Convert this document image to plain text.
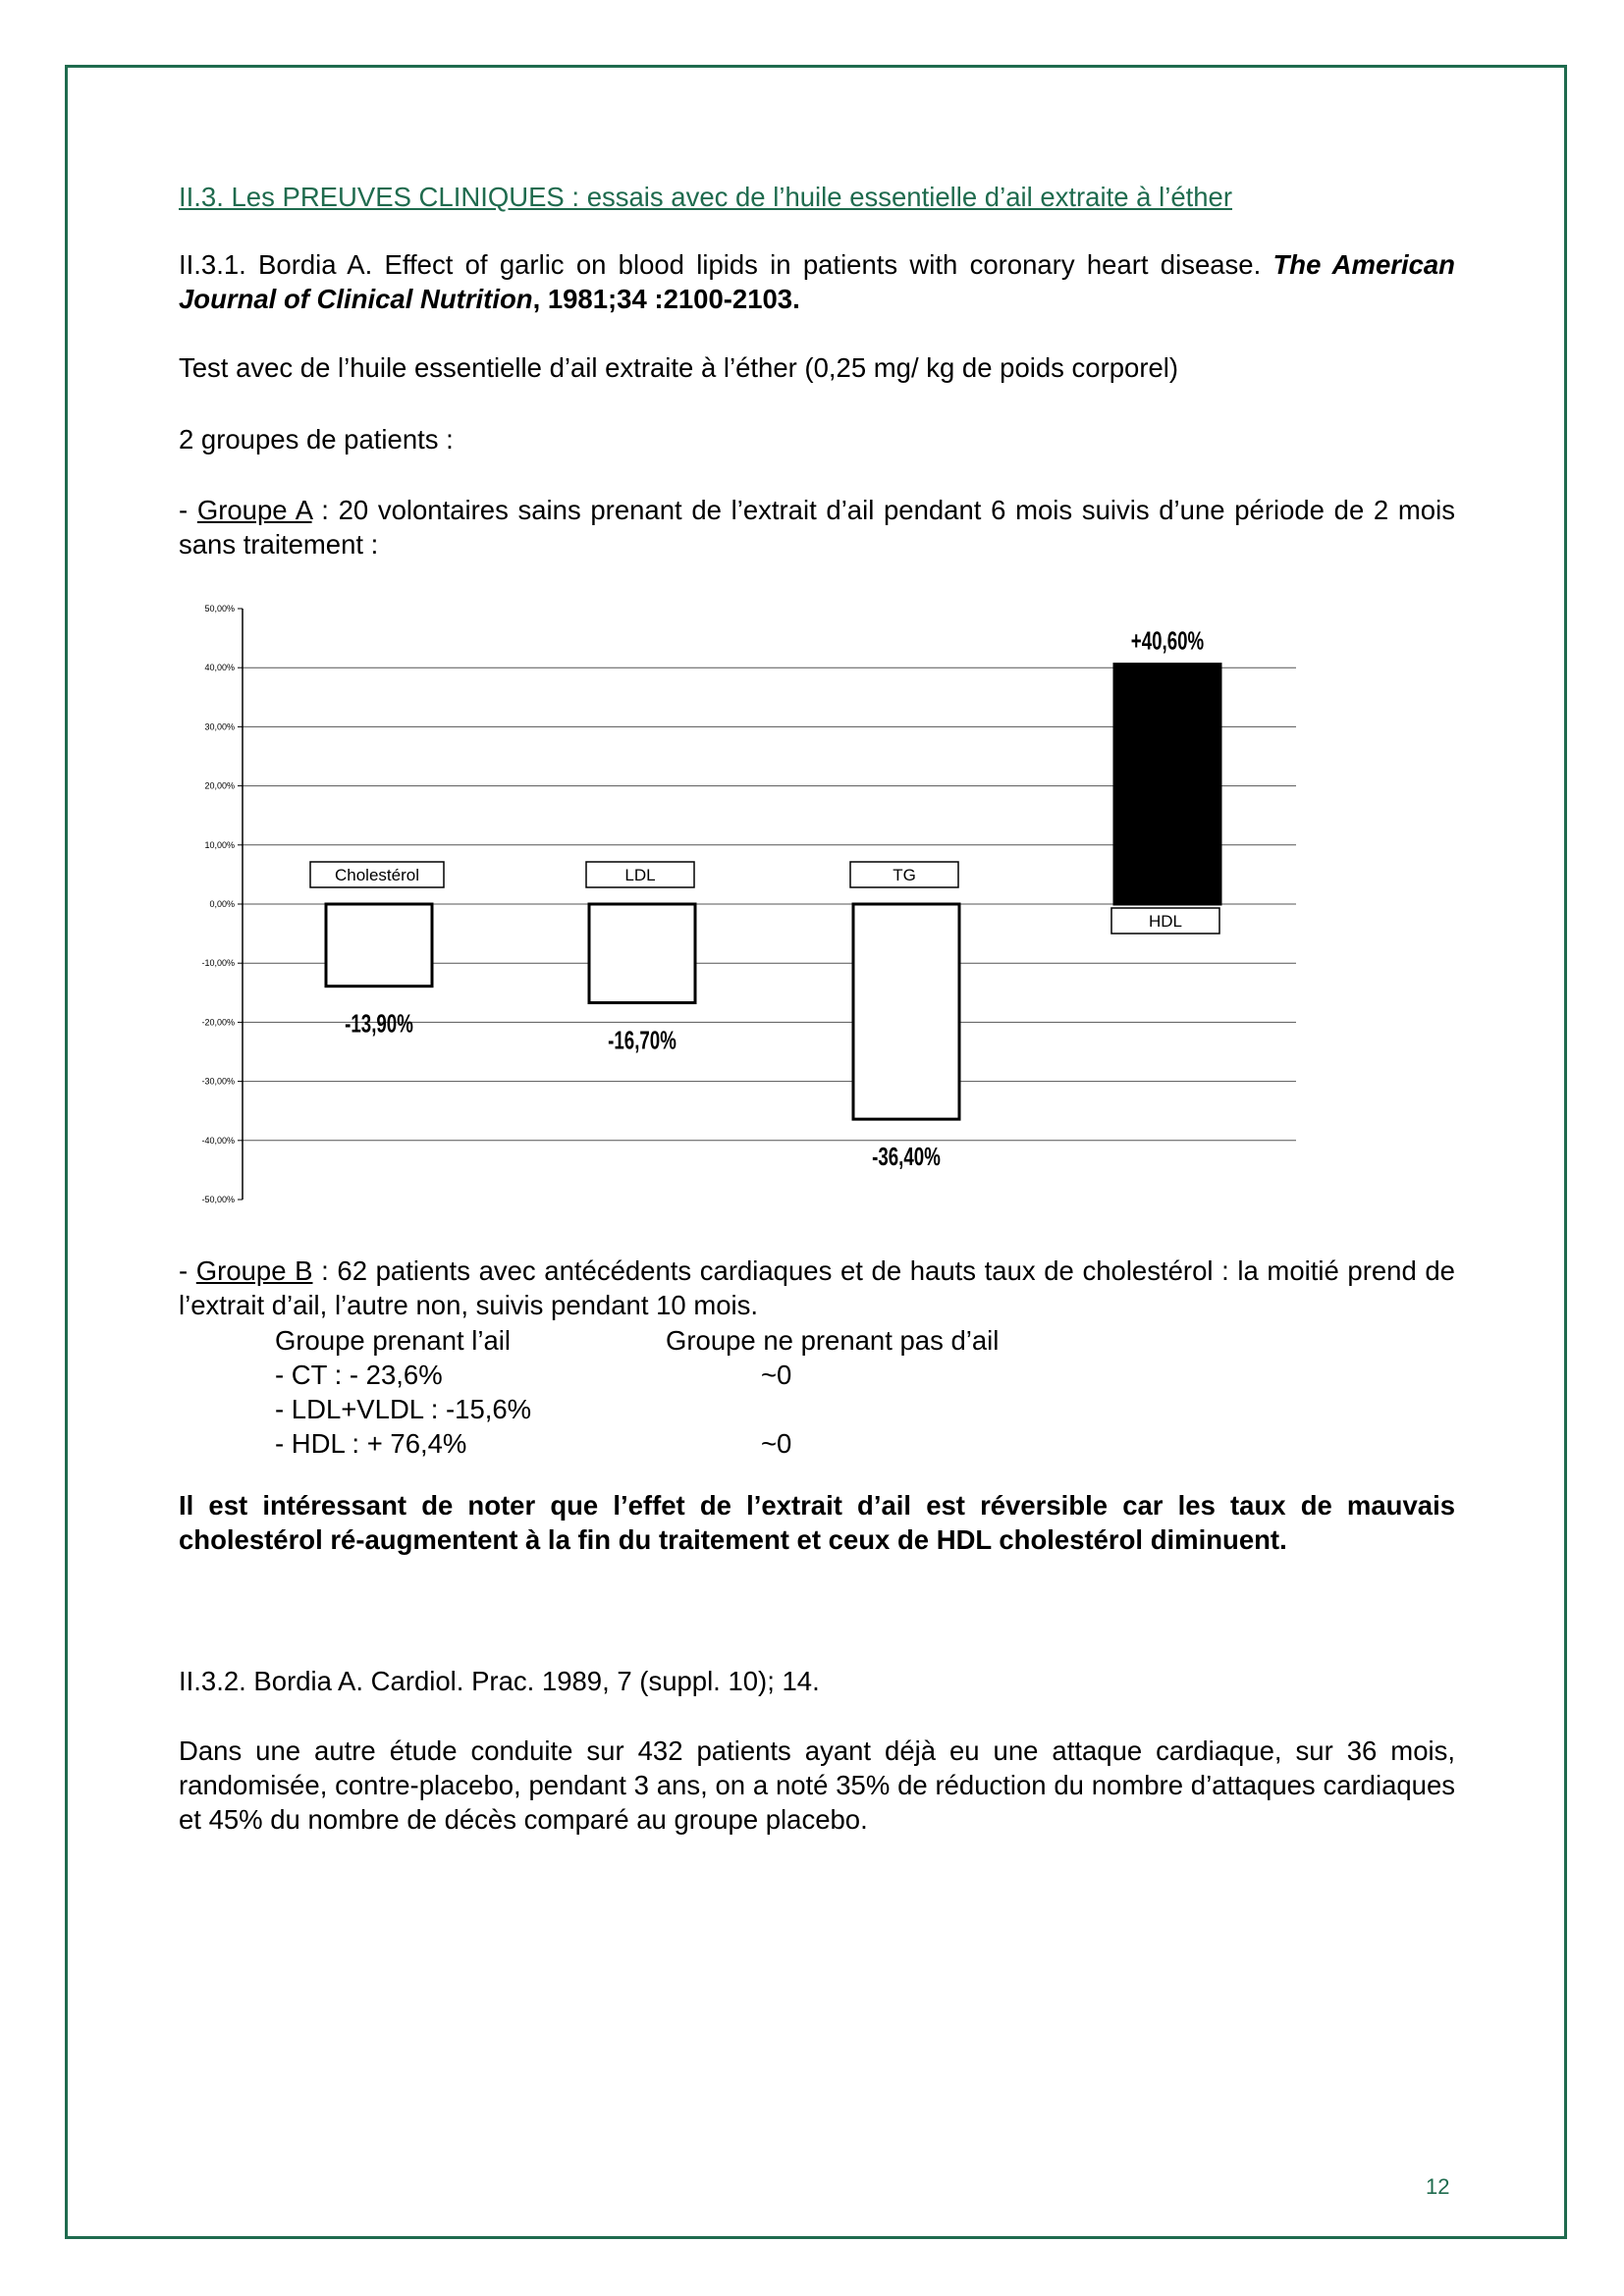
II.3. Les PREUVES CLINIQUES : essais avec de l’huile essentielle d’ail extraite à l’éther
II.3.1. Bordia A. Effect of garlic on blood lipids in patients with coronary heart disease. The American Journal of Clinical Nutrition, 1981;34 :2100-2103.
Test avec de l’huile essentielle d’ail extraite à l’éther (0,25 mg/ kg de poids corporel)
2 groupes de patients :
- Groupe A : 20 volontaires sains prenant de l’extrait d’ail pendant 6 mois suivis d’une période de 2 mois sans traitement :
50,00%
40,00%
30,00%
20,00%
10,00%
0,00%
-10,00%
-20,00%
-30,00%
-40,00%
-50,00%
Cholestérol
-13,90%
LDL
-16,70%
TG
-36,40%
HDL
+40,60%
- Groupe B : 62 patients avec antécédents cardiaques et de hauts taux de cholestérol : la moitié prend de l’extrait d’ail, l’autre non, suivis pendant 10 mois.
Groupe prenant l’ail	Groupe ne prenant pas d’ail
- CT : - 23,6%	~0
- LDL+VLDL : -15,6%
- HDL : + 76,4%	~0
Il est intéressant de noter que l’effet de l’extrait d’ail est réversible car les taux de mauvais cholestérol ré-augmentent à la fin du traitement et ceux de HDL cholestérol diminuent.
II.3.2. Bordia A. Cardiol. Prac. 1989, 7 (suppl. 10); 14.
Dans une autre étude conduite sur 432 patients ayant déjà eu une attaque cardiaque, sur 36 mois, randomisée, contre-placebo, pendant 3 ans, on a noté 35% de réduction du nombre d’attaques cardiaques et 45% du nombre de décès comparé au groupe placebo.
12
